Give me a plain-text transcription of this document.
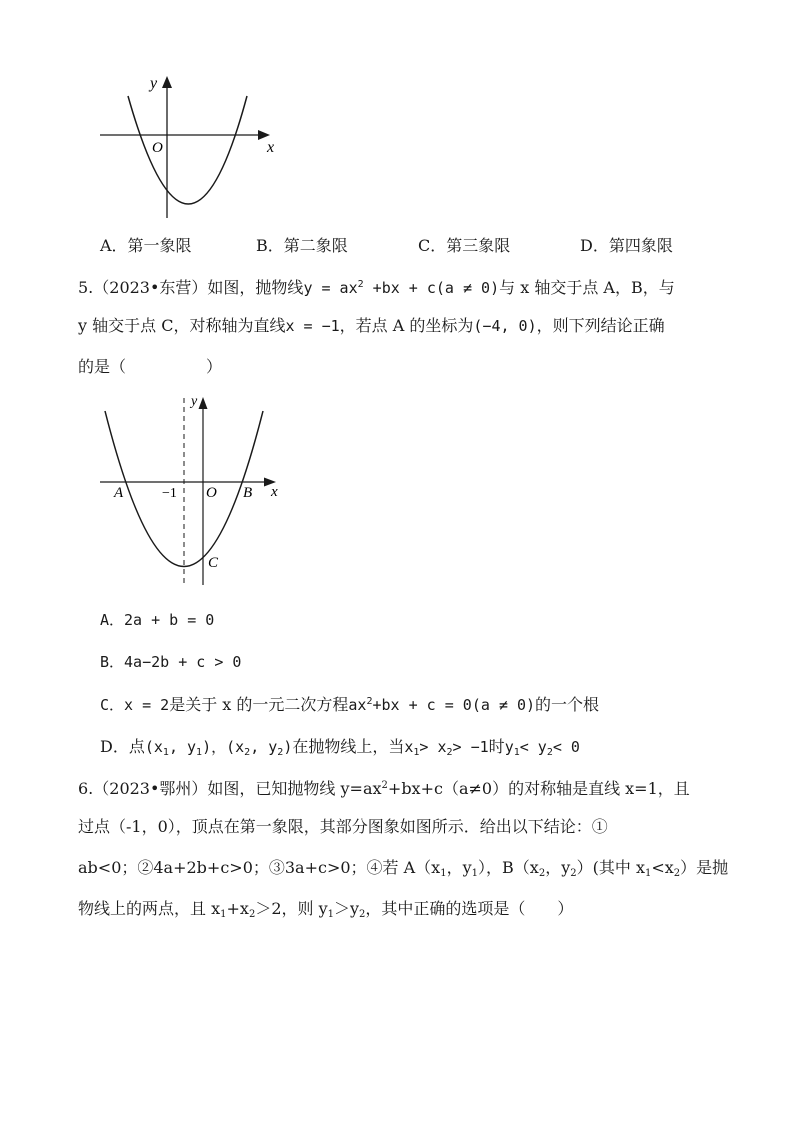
y
x
O
A．第一象限	B．第二象限	C．第三象限	D．第四象限
5.（2023•东营）如图，抛物线$y = ax^2 +bx + c(a \ne 0)$与 x 轴交于点 A，B，与
y 轴交于点 C，对称轴为直线x = −1，若点 A 的坐标为(−4, 0)，则下列结论正确
的是（	）
y
x
O
−1
A	B
C
A．2a + b = 0
B．4a−2b + c > 0
C．x = 2是关于 x 的一元二次方程$ax^2+bx + c = 0(a \ne 0)$的一个根
D．点($x_1$, $y_1$)，($x_2$, $y_2$)在抛物线上，当$x_1> x_2> -1$时$y_1< y_2< 0$
6.（2023•鄂州）如图，已知抛物线 $y=ax^2+bx+c(a\ne 0)$的对称轴是直线 x=1，且
过点（-1，0），顶点在第一象限，其部分图象如图所示．给出以下结论：①
ab<0；②4a+2b+c>0；③3a+c>0；④若 $A(x_1$，$y_1$），$B(x_2$，$y_2$）(其中 $x_1<x_2$）是抛
物线上的两点，且 $x_1+x_2>2$，则 $y_1>y_2$，其中正确的选项是（　　）
